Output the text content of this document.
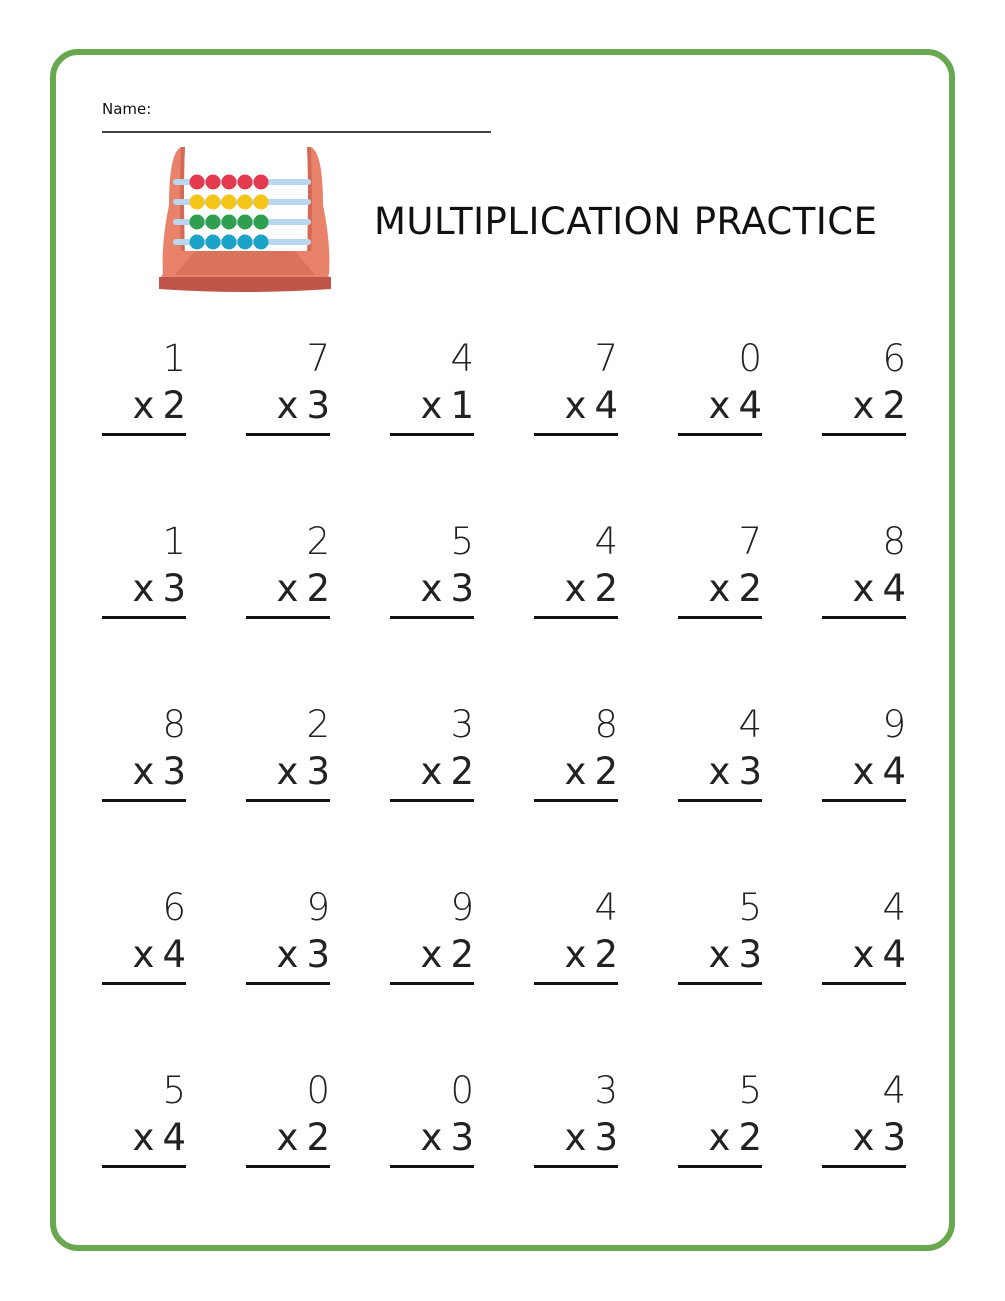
Name:
MULTIPLICATION PRACTICE
1
x 2
7
x 3
4
x 1
7
x 4
0
x 4
6
x 2
1
x 3
2
x 2
5
x 3
4
x 2
7
x 2
8
x 4
8
x 3
2
x 3
3
x 2
8
x 2
4
x 3
9
x 4
6
x 4
9
x 3
9
x 2
4
x 2
5
x 3
4
x 4
5
x 4
0
x 2
0
x 3
3
x 3
5
x 2
4
x 3
